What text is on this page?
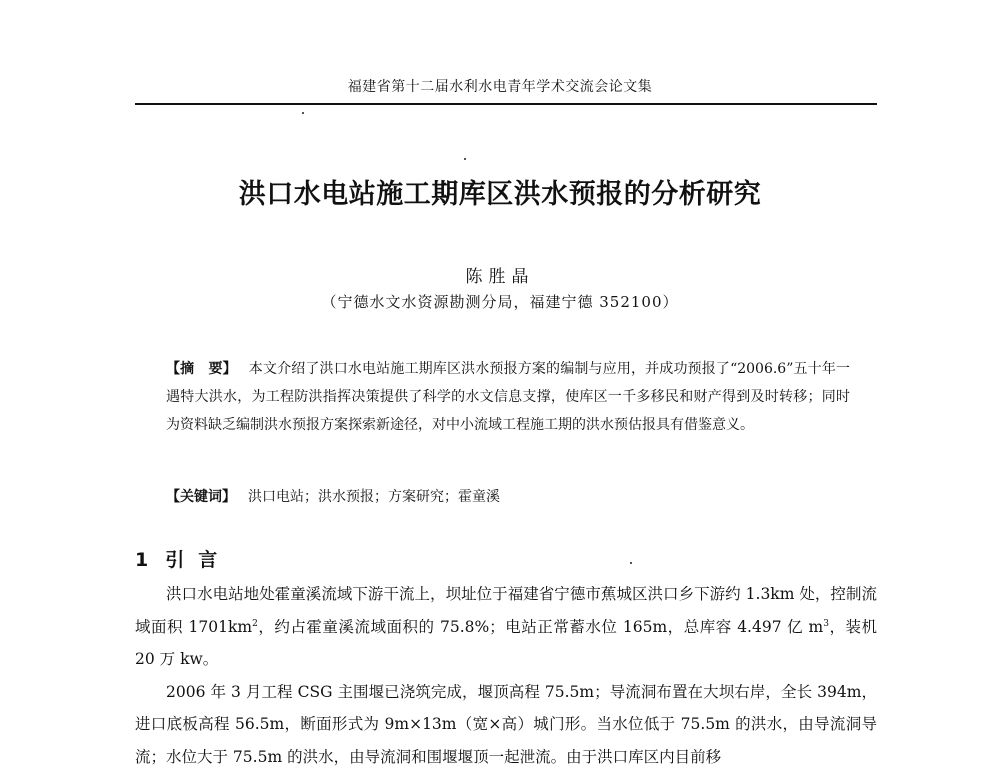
福建省第十二届水利水电青年学术交流会论文集
洪口水电站施工期库区洪水预报的分析研究
陈胜晶
（宁德水文水资源勘测分局，福建宁德 352100）
【摘　要】 本文介绍了洪口水电站施工期库区洪水预报方案的编制与应用，并成功预报了“2006.6”五十年一遇特大洪水，为工程防洪指挥决策提供了科学的水文信息支撑，使库区一千多移民和财产得到及时转移；同时为资料缺乏编制洪水预报方案探索新途径，对中小流域工程施工期的洪水预估报具有借鉴意义。
【关键词】 洪口电站；洪水预报；方案研究；霍童溪
1 引言

洪口水电站地处霍童溪流域下游干流上，坝址位于福建省宁德市蕉城区洪口乡下游约 1.3km 处，控制流域面积 $1701km^2$，约占霍童溪流域面积的 75.8%；电站正常蓄水位 165m，总库容 4.497 亿 $m^3$，装机 20 万 kw。

2006 年 3 月工程 CSG 主围堰已浇筑完成，堰顶高程 75.5m；导流洞布置在大坝右岸，全长 394m，进口底板高程 56.5m，断面形式为 9m×13m（宽×高）城门形。当水位低于 75.5m 的洪水，由导流洞导流；水位大于 75.5m 的洪水，由导流洞和围堰堰顶一起泄流。由于洪口库区内目前移
